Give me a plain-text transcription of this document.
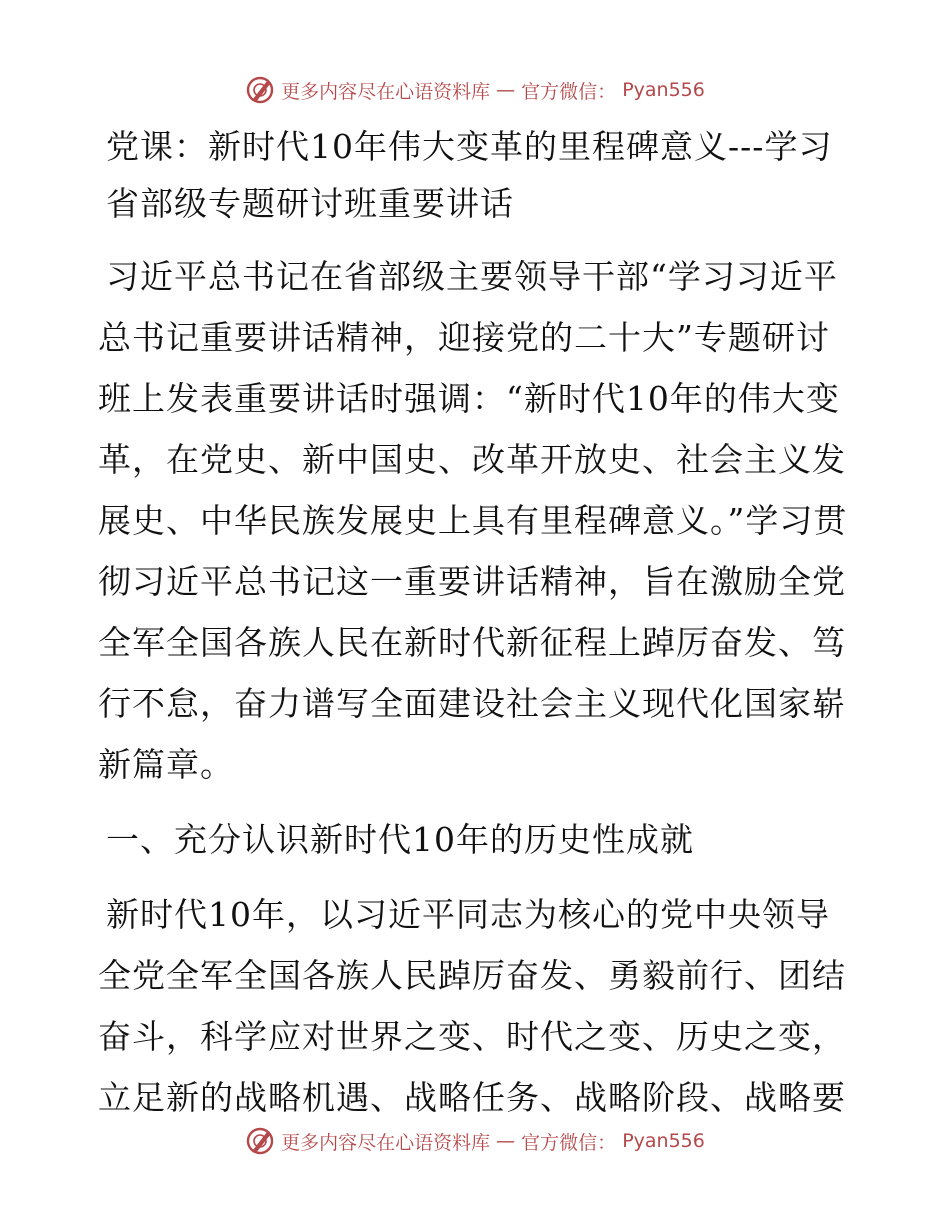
更多内容尽在心语资料库 — 官方微信： Pyan556
党课：新时代10年伟大变革的里程碑意义---学习省部级专题研讨班重要讲话

习近平总书记在省部级主要领导干部“学习习近平总书记重要讲话精神，迎接党的二十大”专题研讨班上发表重要讲话时强调：“新时代10年的伟大变革，在党史、新中国史、改革开放史、社会主义发展史、中华民族发展史上具有里程碑意义。”学习贯彻习近平总书记这一重要讲话精神，旨在激励全党全军全国各族人民在新时代新征程上踔厉奋发、笃行不怠，奋力谱写全面建设社会主义现代化国家崭新篇章。

一、充分认识新时代10年的历史性成就

新时代10年，以习近平同志为核心的党中央领导全党全军全国各族人民踔厉奋发、勇毅前行、团结奋斗，科学应对世界之变、时代之变、历史之变，立足新的战略机遇、战略任务、战略阶段、战略要

更多内容尽在心语资料库 — 官方微信： Pyan556
